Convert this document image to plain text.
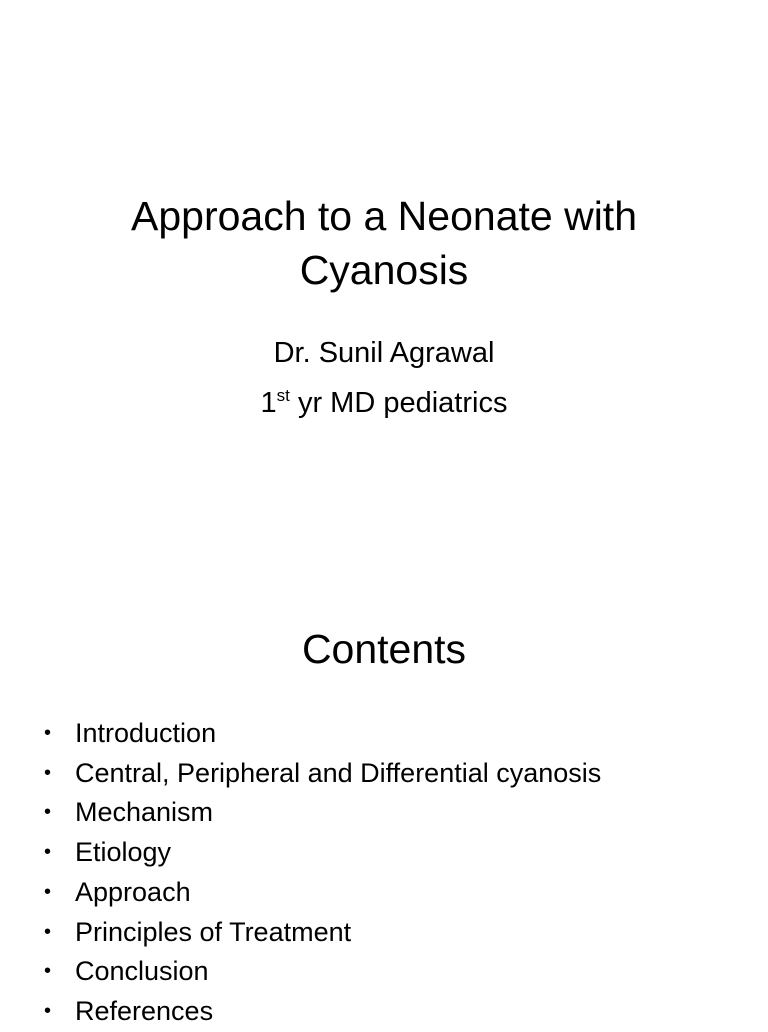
Approach to a Neonate with
Cyanosis
Dr. Sunil Agrawal
1st yr MD pediatrics
Contents
• Introduction
• Central, Peripheral and Differential cyanosis
• Mechanism
• Etiology
• Approach
• Principles of Treatment
• Conclusion
• References
